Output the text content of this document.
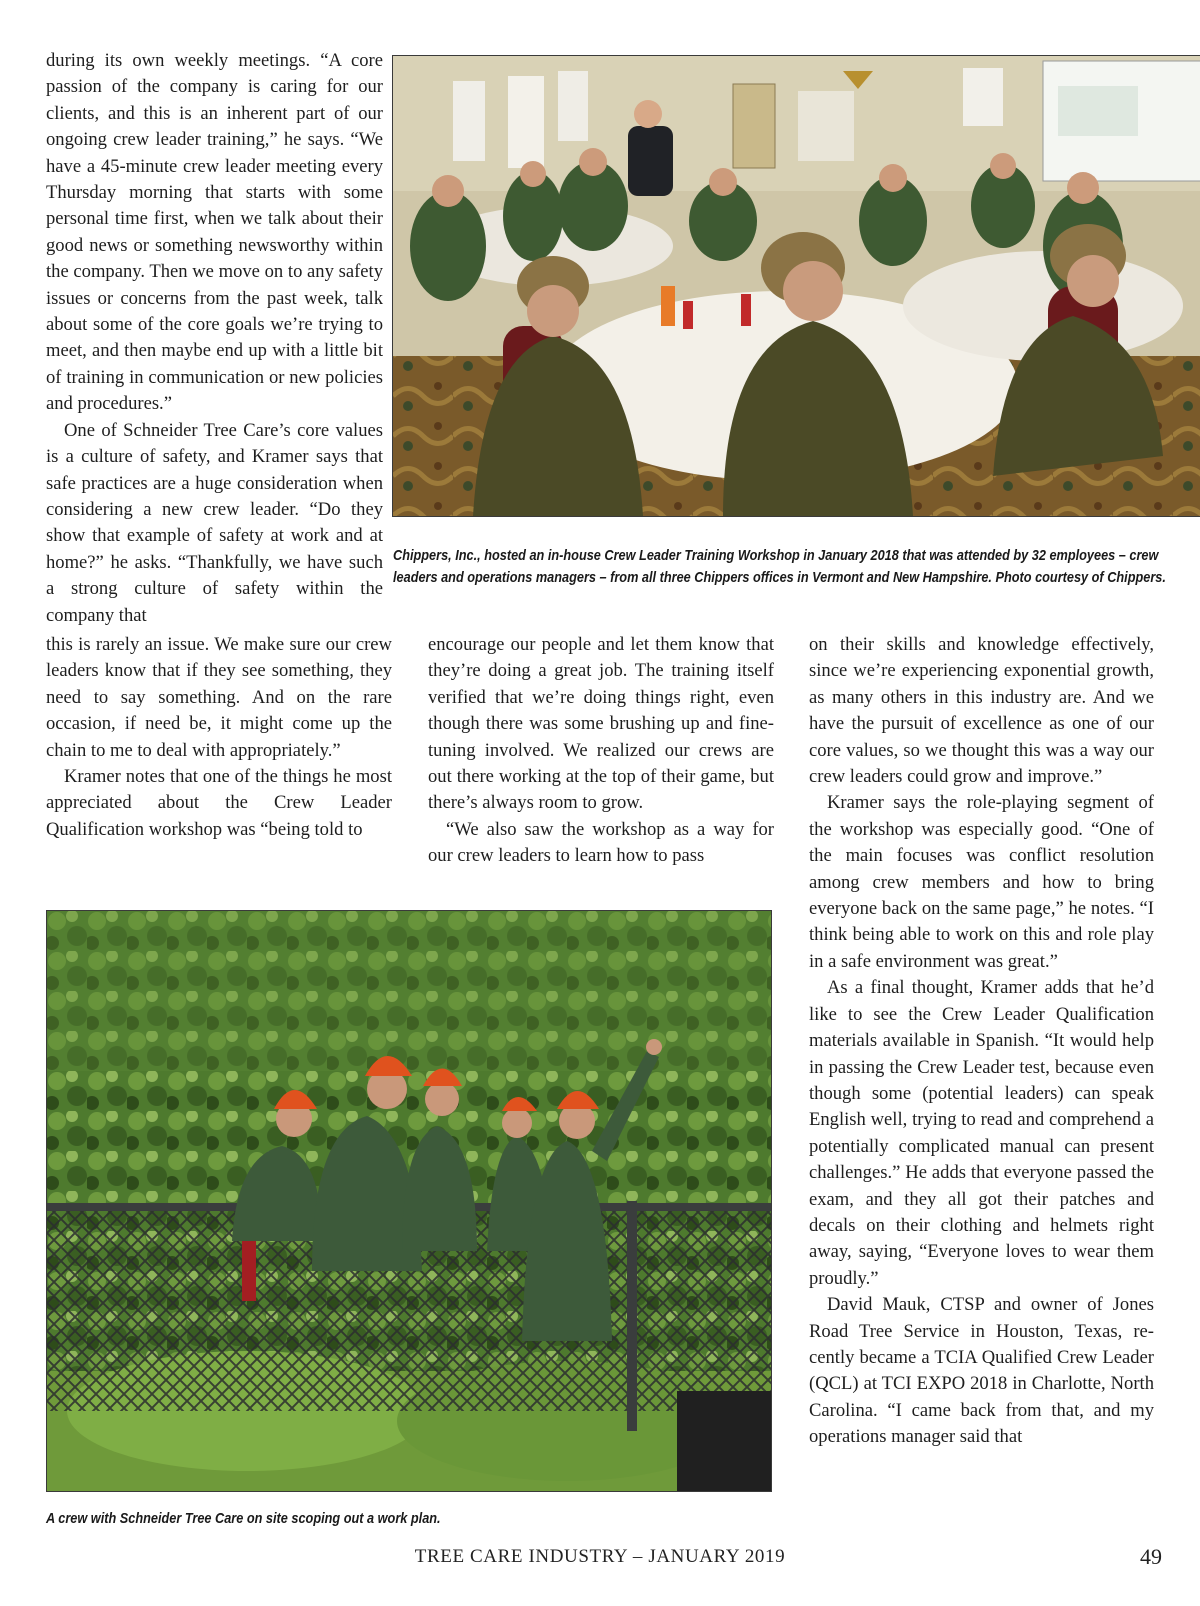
during its own weekly meetings. “A core passion of the company is caring for our clients, and this is an inherent part of our ongoing crew leader training,” he says. “We have a 45-minute crew leader meeting every Thursday morning that starts with some personal time first, when we talk about their good news or something newsworthy within the company. Then we move on to any safety issues or concerns from the past week, talk about some of the core goals we’re trying to meet, and then maybe end up with a little bit of training in communication or new policies and procedures.”

One of Schneider Tree Care’s core values is a culture of safety, and Kramer says that safe practices are a huge consideration when considering a new crew leader. “Do they show that example of safety at work and at home?” he asks. “Thankfully, we have such a strong culture of safety within the company that

Chippers, Inc., hosted an in-house Crew Leader Training Workshop in January 2018 that was attended by 32 employees – crew leaders and operations managers – from all three Chippers offices in Vermont and New Hampshire. Photo courtesy of Chippers.

this is rarely an issue. We make sure our crew leaders know that if they see something, they need to say something. And on the rare occasion, if need be, it might come up the chain to me to deal with appropriately.”

Kramer notes that one of the things he most appreciated about the Crew Leader Qualification workshop was “being told to

encourage our people and let them know that they’re doing a great job. The training itself verified that we’re doing things right, even though there was some brushing up and fine-tuning involved. We realized our crews are out there working at the top of their game, but there’s always room to grow.

“We also saw the workshop as a way for our crew leaders to learn how to pass

on their skills and knowledge effectively, since we’re experiencing exponential growth, as many others in this industry are. And we have the pursuit of excellence as one of our core values, so we thought this was a way our crew leaders could grow and improve.”

Kramer says the role-playing segment of the workshop was especially good. “One of the main focuses was conflict resolution among crew members and how to bring everyone back on the same page,” he notes. “I think being able to work on this and role play in a safe environment was great.”

As a final thought, Kramer adds that he’d like to see the Crew Leader Qualification materials available in Spanish. “It would help in passing the Crew Leader test, because even though some (potential leaders) can speak English well, trying to read and comprehend a potentially complicated manual can present challenges.” He adds that everyone passed the exam, and they all got their patches and decals on their clothing and helmets right away, saying, “Everyone loves to wear them proudly.”

David Mauk, CTSP and owner of Jones Road Tree Service in Houston, Texas, recently became a TCIA Qualified Crew Leader (QCL) at TCI EXPO 2018 in Charlotte, North Carolina. “I came back from that, and my operations manager said that

A crew with Schneider Tree Care on site scoping out a work plan.
TREE CARE INDUSTRY – JANUARY 2019	49
